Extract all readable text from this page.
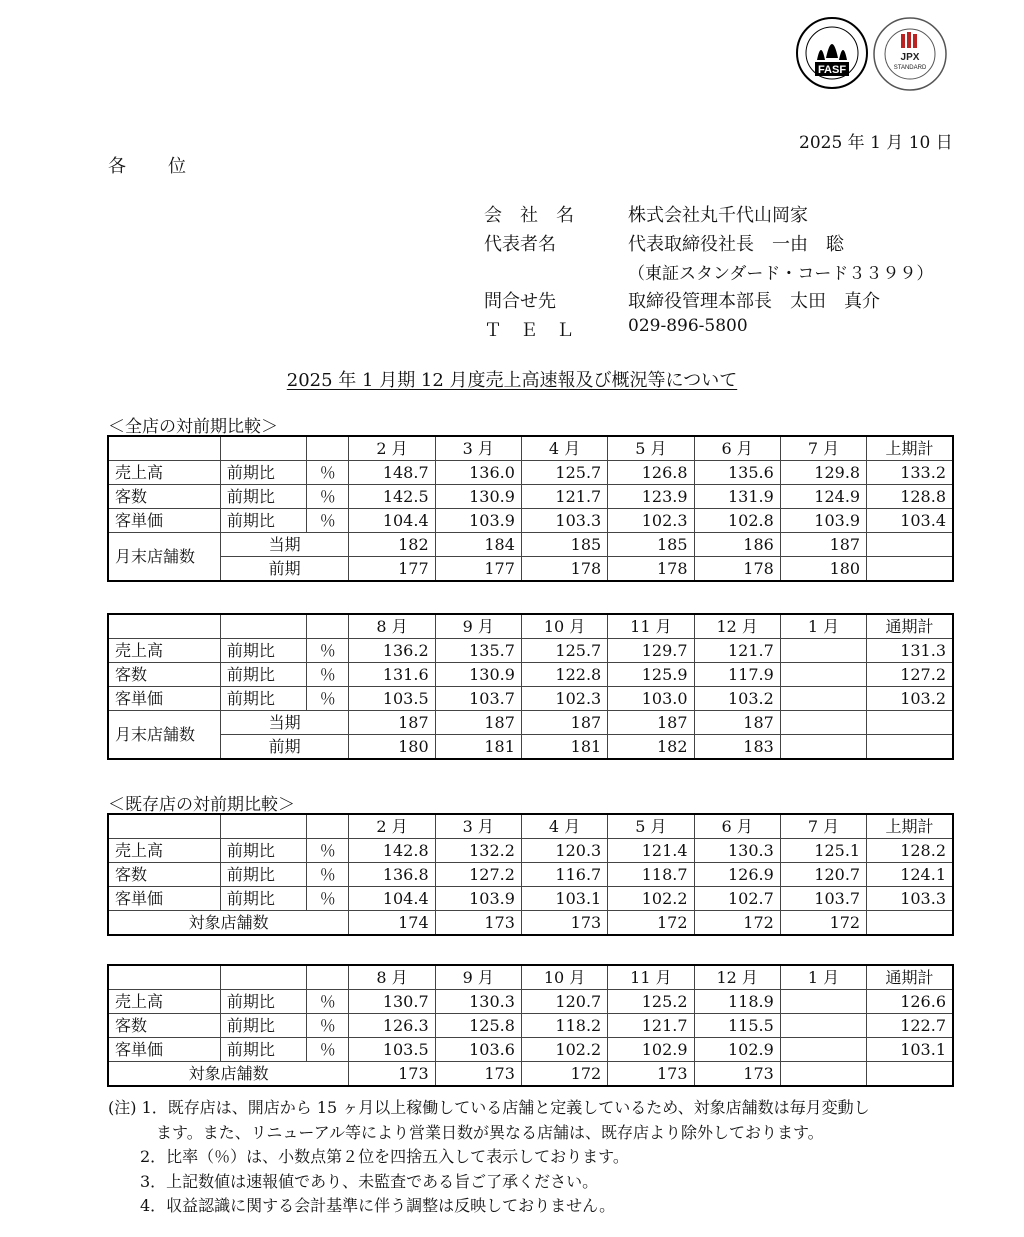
FASF
JPX
STANDARD
2025 年 1 月 10 日
各　　位
会　社　名	株式会社丸千代山岡家
代表者名	代表取締役社長　一由　聡
（東証スタンダード・コード３３９９）
問合せ先	取締役管理本部長　太田　真介
Ｔ　Ｅ　Ｌ	029-896-5800
2025 年 1 月期 12 月度売上高速報及び概況等について
＜全店の対前期比較＞
			2 月	3 月	4 月	5 月	6 月	7 月	上期計
売上高	前期比	％	148.7	136.0	125.7	126.8	135.6	129.8	133.2
客数	前期比	％	142.5	130.9	121.7	123.9	131.9	124.9	128.8
客単価	前期比	％	104.4	103.9	103.3	102.3	102.8	103.9	103.4
月末店舗数	当期		182	184	185	185	186	187	
	前期		177	177	178	178	178	180	
			8 月	9 月	10 月	11 月	12 月	1 月	通期計
売上高	前期比	％	136.2	135.7	125.7	129.7	121.7		131.3
客数	前期比	％	131.6	130.9	122.8	125.9	117.9		127.2
客単価	前期比	％	103.5	103.7	102.3	103.0	103.2		103.2
月末店舗数	当期		187	187	187	187	187		
	前期		180	181	181	182	183		
＜既存店の対前期比較＞
			2 月	3 月	4 月	5 月	6 月	7 月	上期計
売上高	前期比	％	142.8	132.2	120.3	121.4	130.3	125.1	128.2
客数	前期比	％	136.8	127.2	116.7	118.7	126.9	120.7	124.1
客単価	前期比	％	104.4	103.9	103.1	102.2	102.7	103.7	103.3
対象店舗数			174	173	173	172	172	172	
			8 月	9 月	10 月	11 月	12 月	1 月	通期計
売上高	前期比	％	130.7	130.3	120.7	125.2	118.9		126.6
客数	前期比	％	126.3	125.8	118.2	121.7	115.5		122.7
客単価	前期比	％	103.5	103.6	102.2	102.9	102.9		103.1
対象店舗数			173	173	172	173	173		
(注) 1．既存店は、開店から 15 ヶ月以上稼働している店舗と定義しているため、対象店舗数は毎月変動し
　　　ます。また、リニューアル等により営業日数が異なる店舗は、既存店より除外しております。
　　2．比率（％）は、小数点第２位を四捨五入して表示しております。
　　3．上記数値は速報値であり、未監査である旨ご了承ください。
　　4．収益認識に関する会計基準に伴う調整は反映しておりません。
